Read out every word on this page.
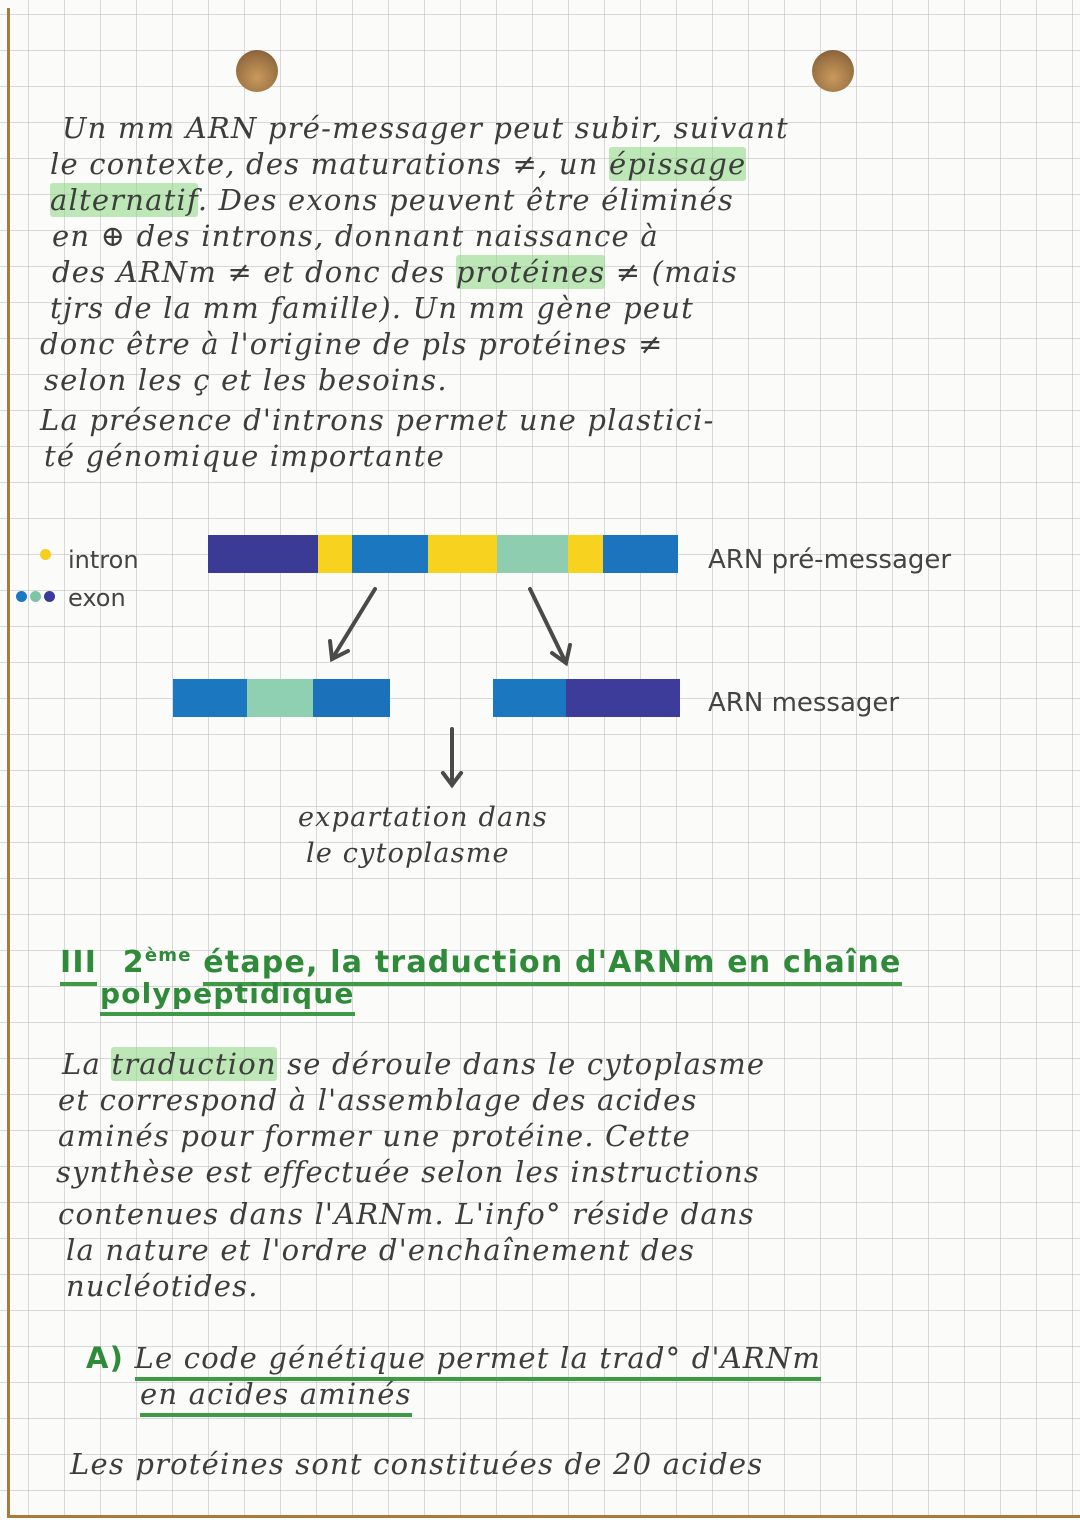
Un mm ARN pré-messager peut subir, suivant
le contexte, des maturations ≠, un épissage
alternatif. Des exons peuvent être éliminés
en ⊕ des introns, donnant naissance à
des ARNm ≠ et donc des protéines ≠ (mais
tjrs de la mm famille). Un mm gène peut
donc être à l'origine de pls protéines ≠
selon les ç et les besoins.
La présence d'introns permet une plastici-
té génomique importante
intron
exon
ARN pré-messager
ARN messager
expartation dans
le cytoplasme
III 2ème étape, la traduction d'ARNm en chaîne
polypeptidique
La traduction se déroule dans le cytoplasme
et correspond à l'assemblage des acides
aminés pour former une protéine. Cette
synthèse est effectuée selon les instructions
contenues dans l'ARNm. L'info° réside dans
la nature et l'ordre d'enchaînement des
nucléotides.
A) Le code génétique permet la trad° d'ARNm
en acides aminés
Les protéines sont constituées de 20 acides
